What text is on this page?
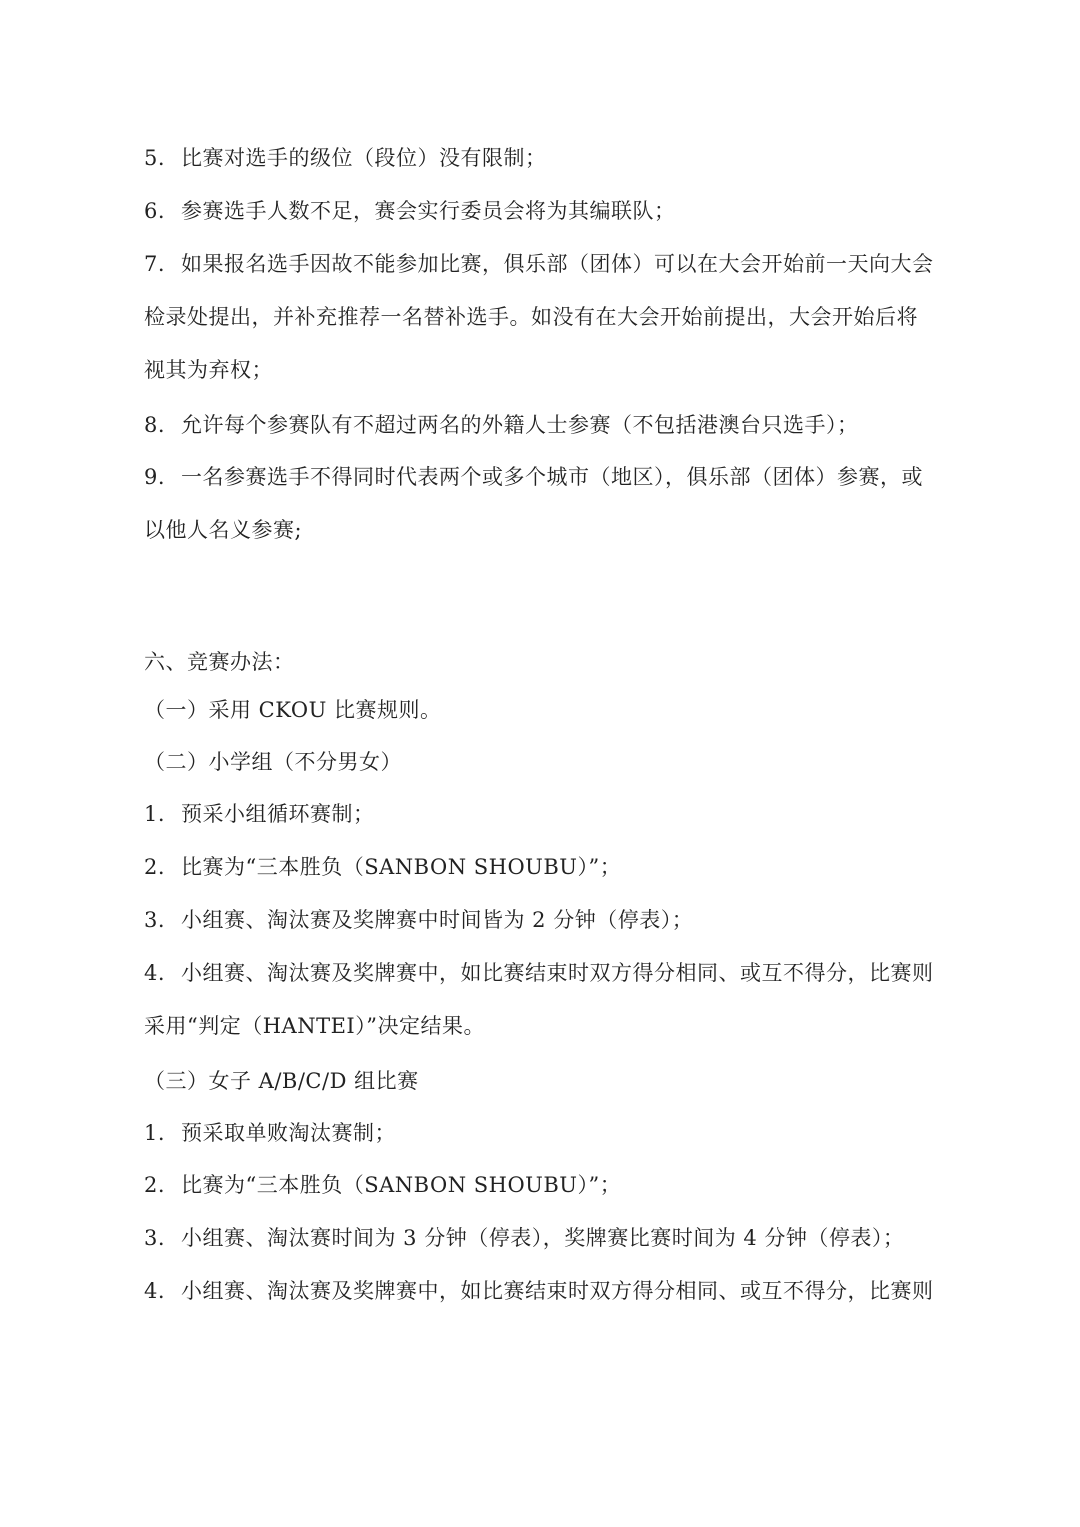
5. 比赛对选手的级位（段位）没有限制；
6. 参赛选手人数不足，赛会实行委员会将为其编联队；
7. 如果报名选手因故不能参加比赛，俱乐部（团体）可以在大会开始前一天向大会
检录处提出，并补充推荐一名替补选手。如没有在大会开始前提出，大会开始后将
视其为弃权；
8. 允许每个参赛队有不超过两名的外籍人士参赛（不包括港澳台只选手）；
9. 一名参赛选手不得同时代表两个或多个城市（地区），俱乐部（团体）参赛，或
以他人名义参赛;
六、竞赛办法：
（一）采用 CKOU 比赛规则。
（二）小学组（不分男女）
1. 预采小组循环赛制；
2. 比赛为“三本胜负（SANBON SHOUBU）”；
3. 小组赛、淘汰赛及奖牌赛中时间皆为 2 分钟（停表）；
4. 小组赛、淘汰赛及奖牌赛中，如比赛结束时双方得分相同、或互不得分，比赛则
采用“判定（HANTEI）”决定结果。
（三）女子 A/B/C/D 组比赛
1. 预采取单败淘汰赛制；
2. 比赛为“三本胜负（SANBON SHOUBU）”；
3. 小组赛、淘汰赛时间为 3 分钟（停表），奖牌赛比赛时间为 4 分钟（停表）；
4. 小组赛、淘汰赛及奖牌赛中，如比赛结束时双方得分相同、或互不得分，比赛则
